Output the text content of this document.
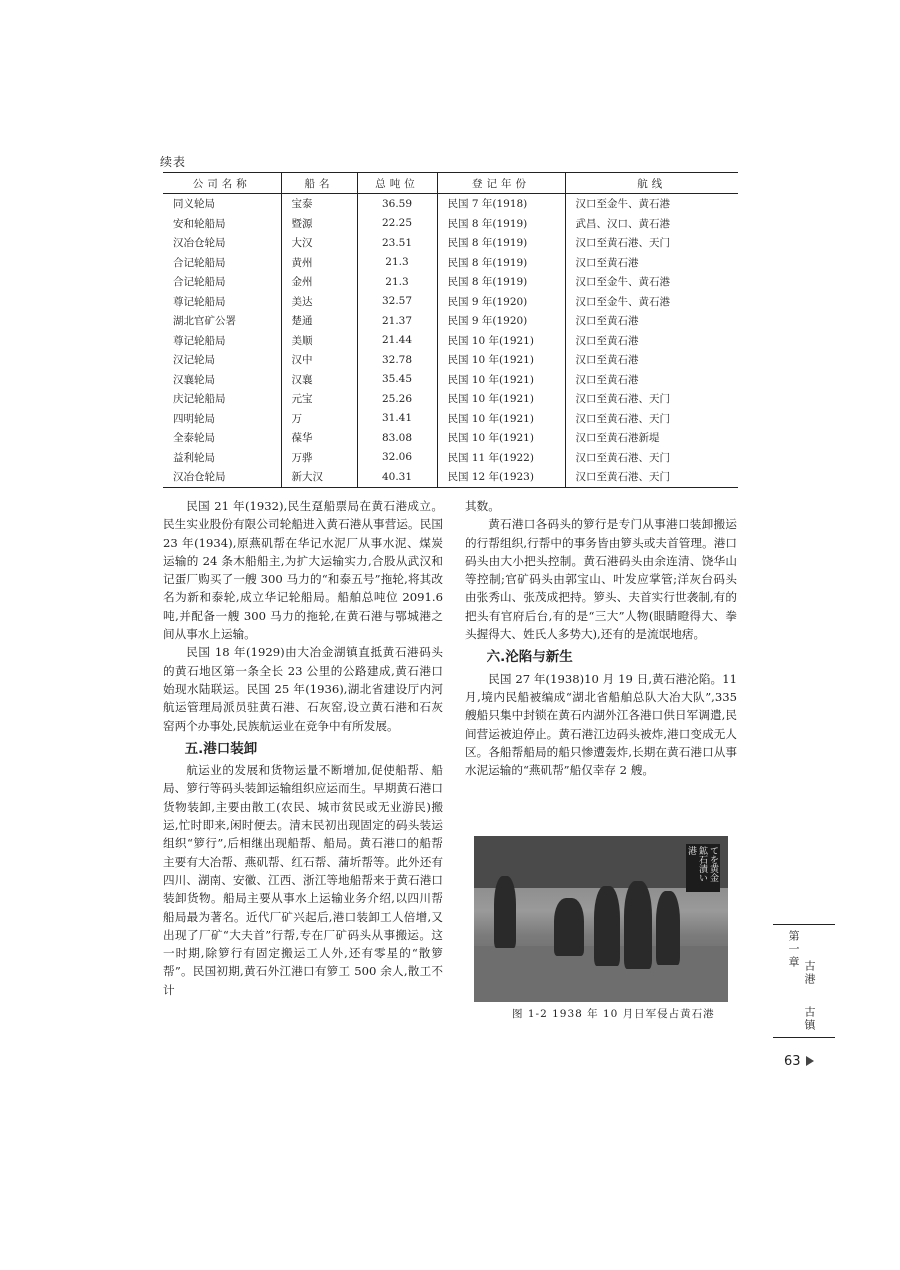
续表
公司名称	船名	总吨位	登记年份	航线
同义轮局	宝泰	36.59	民国 7 年(1918)	汉口至金牛、黄石港
安和轮船局	暨源	22.25	民国 8 年(1919)	武昌、汉口、黄石港
汉冶仓轮局	大汉	23.51	民国 8 年(1919)	汉口至黄石港、天门
合记轮船局	黄州	21.3	民国 8 年(1919)	汉口至黄石港
合记轮船局	金州	21.3	民国 8 年(1919)	汉口至金牛、黄石港
尊记轮船局	美达	32.57	民国 9 年(1920)	汉口至金牛、黄石港
湖北官矿公署	楚通	21.37	民国 9 年(1920)	汉口至黄石港
尊记轮船局	美顺	21.44	民国 10 年(1921)	汉口至黄石港
汉记轮局	汉中	32.78	民国 10 年(1921)	汉口至黄石港
汉襄轮局	汉襄	35.45	民国 10 年(1921)	汉口至黄石港
庆记轮船局	元宝	25.26	民国 10 年(1921)	汉口至黄石港、天门
四明轮局	万	31.41	民国 10 年(1921)	汉口至黄石港、天门
全泰轮局	葆华	83.08	民国 10 年(1921)	汉口至黄石港新堤
益利轮局	万骅	32.06	民国 11 年(1922)	汉口至黄石港、天门
汉冶仓轮局	新大汉	40.31	民国 12 年(1923)	汉口至黄石港、天门

民国 21 年(1932),民生趸船票局在黄石港成立。民生实业股份有限公司轮船进入黄石港从事营运。民国 23 年(1934),原燕矶帮在华记水泥厂从事水泥、煤炭运输的 24 条木船船主,为扩大运输实力,合股从武汉和记蛋厂购买了一艘 300 马力的“和泰五号”拖轮,将其改名为新和泰轮,成立华记轮船局。船舶总吨位 2091.6 吨,并配备一艘 300 马力的拖轮,在黄石港与鄂城港之间从事水上运输。

民国 18 年(1929)由大冶金湖镇直抵黄石港码头的黄石地区第一条全长 23 公里的公路建成,黄石港口始现水陆联运。民国 25 年(1936),湖北省建设厅内河航运管理局派员驻黄石港、石灰窑,设立黄石港和石灰窑两个办事处,民族航运业在竞争中有所发展。

五.港口装卸

航运业的发展和货物运量不断增加,促使船帮、船局、箩行等码头装卸运输组织应运而生。早期黄石港口货物装卸,主要由散工(农民、城市贫民或无业游民)搬运,忙时即来,闲时便去。清末民初出现固定的码头装运组织“箩行”,后相继出现船帮、船局。黄石港口的船帮主要有大冶帮、燕矶帮、红石帮、蒲圻帮等。此外还有四川、湖南、安徽、江西、浙江等地船帮来于黄石港口装卸货物。船局主要从事水上运输业务介绍,以四川帮船局最为著名。近代厂矿兴起后,港口装卸工人倍增,又出现了厂矿“大夫首”行帮,专在厂矿码头从事搬运。这一时期,除箩行有固定搬运工人外,还有零星的“散箩帮”。民国初期,黄石外江港口有箩工 500 余人,散工不计

其数。

黄石港口各码头的箩行是专门从事港口装卸搬运的行帮组织,行帮中的事务皆由箩头或夫首管理。港口码头由大小把头控制。黄石港码头由余连清、饶华山等控制;官矿码头由郭宝山、叶发应掌管;洋灰台码头由张秀山、张茂成把持。箩头、夫首实行世袭制,有的把头有官府后台,有的是“三大”人物(眼睛瞪得大、拳头握得大、姓氏人多势大),还有的是流氓地痞。

六.沦陷与新生

民国 27 年(1938)10 月 19 日,黄石港沦陷。11 月,境内民船被编成“湖北省船舶总队大冶大队”,335 艘船只集中封锁在黄石内湖外江各港口供日军调遣,民间营运被迫停止。黄石港江边码头被炸,港口变成无人区。各船帮船局的船只惨遭轰炸,长期在黄石港口从事水泥运输的“燕矶帮”船仅幸存 2 艘。

てを黄金鉱石漬い港
图 1-2 1938 年 10 月日军侵占黄石港
第一章
古港
古镇
63
